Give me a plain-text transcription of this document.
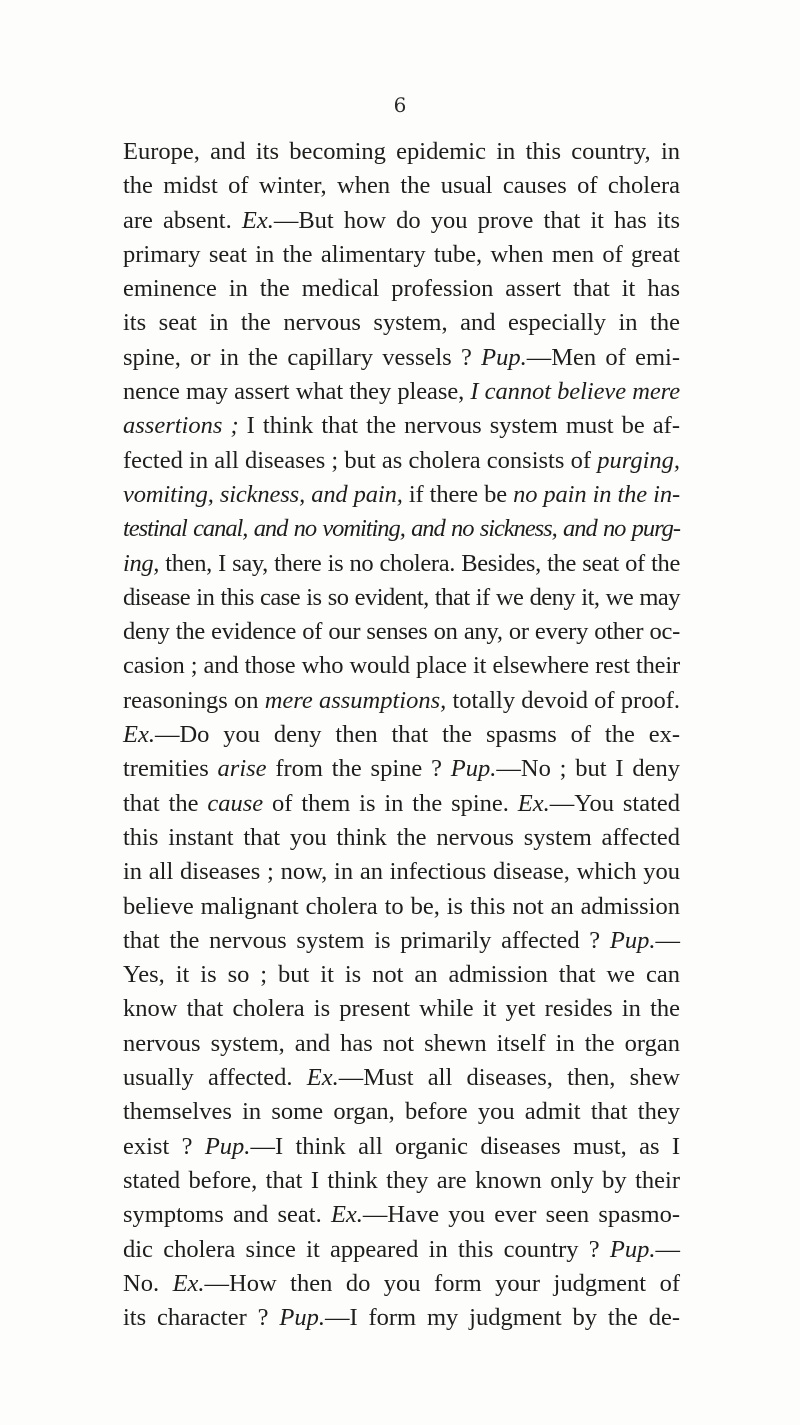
6
Europe, and its becoming epidemic in this country, in
the midst of winter, when the usual causes of cholera
are absent. Ex.—But how do you prove that it has its
primary seat in the alimentary tube, when men of great
eminence in the medical profession assert that it has
its seat in the nervous system, and especially in the
spine, or in the capillary vessels ? Pup.—Men of emi-
nence may assert what they please, I cannot believe mere
assertions ; I think that the nervous system must be af-
fected in all diseases ; but as cholera consists of purging,
vomiting, sickness, and pain, if there be no pain in the in-
testinal canal, and no vomiting, and no sickness, and no purg-
ing, then, I say, there is no cholera. Besides, the seat of the
disease in this case is so evident, that if we deny it, we may
deny the evidence of our senses on any, or every other oc-
casion ; and those who would place it elsewhere rest their
reasonings on mere assumptions, totally devoid of proof.
Ex.—Do you deny then that the spasms of the ex-
tremities arise from the spine ? Pup.—No ; but I deny
that the cause of them is in the spine. Ex.—You stated
this instant that you think the nervous system affected
in all diseases ; now, in an infectious disease, which you
believe malignant cholera to be, is this not an admission
that the nervous system is primarily affected ? Pup.—
Yes, it is so ; but it is not an admission that we can
know that cholera is present while it yet resides in the
nervous system, and has not shewn itself in the organ
usually affected. Ex.—Must all diseases, then, shew
themselves in some organ, before you admit that they
exist ? Pup.—I think all organic diseases must, as I
stated before, that I think they are known only by their
symptoms and seat. Ex.—Have you ever seen spasmo-
dic cholera since it appeared in this country ? Pup.—
No. Ex.—How then do you form your judgment of
its character ? Pup.—I form my judgment by the de-
